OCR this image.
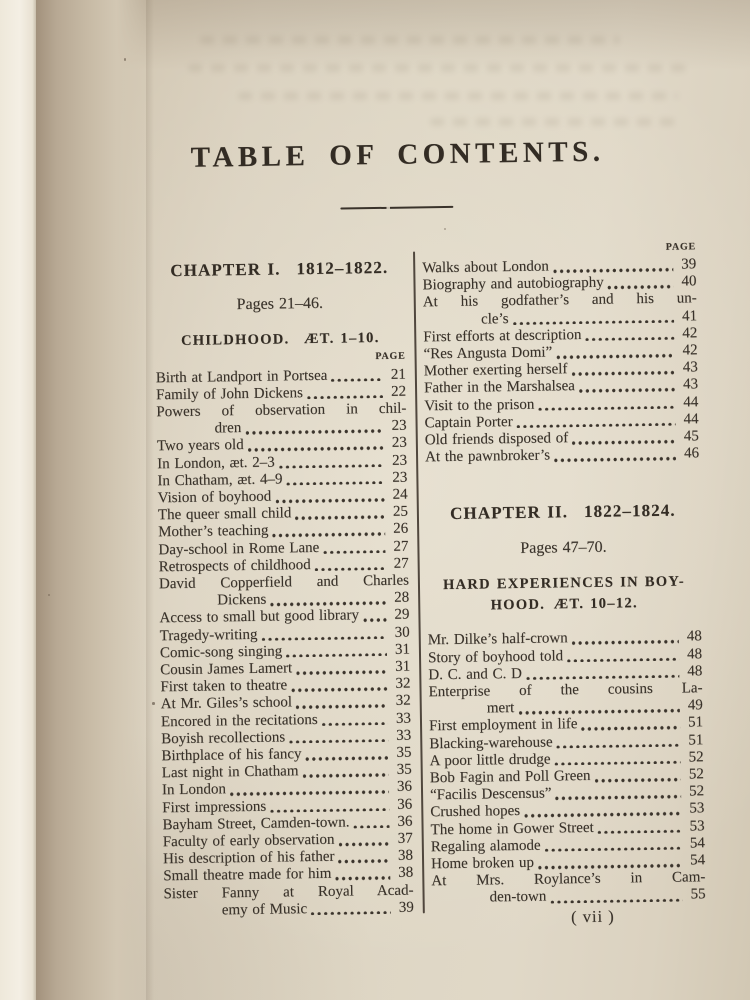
TABLE OF CONTENTS.
CHAPTER I.  1812–1822.
Pages 21–46.
CHILDHOOD.  ÆT. 1–10.
PAGE
Birth at Landport in Portsea	21
Family of John Dickens	22
Powers of observation in chil-
dren	23
Two years old	23
In London, æt. 2–3	23
In Chatham, æt. 4–9	23
Vision of boyhood	24
The queer small child	25
Mother’s teaching	26
Day-school in Rome Lane	27
Retrospects of childhood	27
David Copperfield and Charles
Dickens	28
Access to small but good library	29
Tragedy-writing	30
Comic-song singing	31
Cousin James Lamert	31
First taken to theatre	32
At Mr. Giles’s school	32
Encored in the recitations	33
Boyish recollections	33
Birthplace of his fancy	35
Last night in Chatham	35
In London	36
First impressions	36
Bayham Street, Camden-town.	36
Faculty of early observation	37
His description of his father	38
Small theatre made for him	38
Sister Fanny at Royal Acad-
emy of Music	39
PAGE
Walks about London	39
Biography and autobiography	40
At his godfather’s and his un-
cle’s	41
First efforts at description	42
“Res Angusta Domi”	42
Mother exerting herself	43
Father in the Marshalsea	43
Visit to the prison	44
Captain Porter	44
Old friends disposed of	45
At the pawnbroker’s	46
CHAPTER II.  1822–1824.
Pages 47–70.
HARD EXPERIENCES IN BOY-
HOOD. ÆT. 10–12.
Mr. Dilke’s half-crown	48
Story of boyhood told	48
D. C. and C. D	48
Enterprise of the cousins La-
mert	49
First employment in life	51
Blacking-warehouse	51
A poor little drudge	52
Bob Fagin and Poll Green	52
“Facilis Descensus”	52
Crushed hopes	53
The home in Gower Street	53
Regaling alamode	54
Home broken up	54
At Mrs. Roylance’s in Cam-
den-town	55
( vii )
